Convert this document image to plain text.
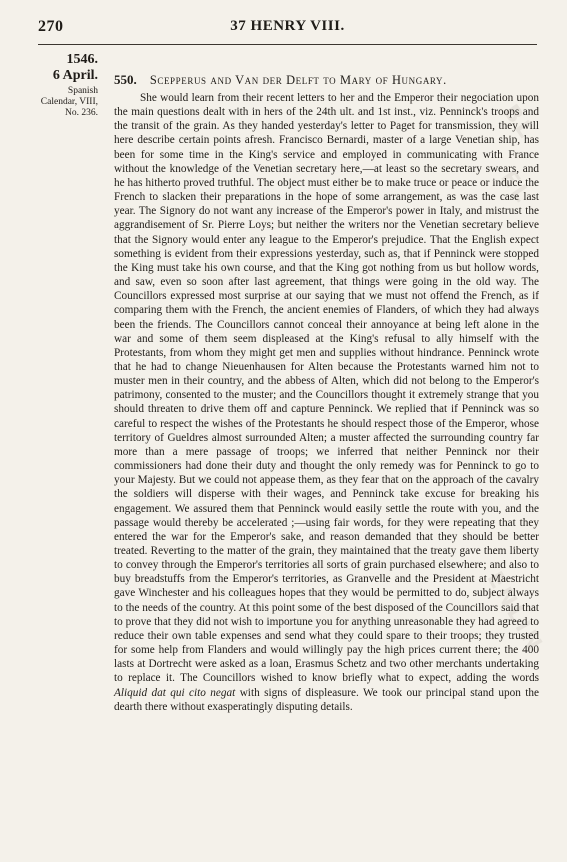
EL
BL
ENLIN
270	37 HENRY VIII.
1546.
6 April.
Spanish Calendar, VIII, No. 236.
550. Scepperus and Van der Delft to Mary of Hungary.

She would learn from their recent letters to her and the Emperor their negociation upon the main questions dealt with in hers of the 24th ult. and 1st inst., viz. Penninck's troops and the transit of the grain. As they handed yesterday's letter to Paget for transmission, they will here describe certain points afresh. Francisco Bernardi, master of a large Venetian ship, has been for some time in the King's service and employed in communicating with France without the knowledge of the Venetian secretary here,—at least so the secretary swears, and he has hitherto proved truthful. The object must either be to make truce or peace or induce the French to slacken their preparations in the hope of some arrangement, as was the case last year. The Signory do not want any increase of the Emperor's power in Italy, and mistrust the aggrandisement of Sr. Pierre Loys; but neither the writers nor the Venetian secretary believe that the Signory would enter any league to the Emperor's prejudice. That the English expect something is evident from their expressions yesterday, such as, that if Penninck were stopped the King must take his own course, and that the King got nothing from us but hollow words, and saw, even so soon after last agreement, that things were going in the old way. The Councillors expressed most surprise at our saying that we must not offend the French, as if comparing them with the French, the ancient enemies of Flanders, of which they had always been the friends. The Councillors cannot conceal their annoyance at being left alone in the war and some of them seem displeased at the King's refusal to ally himself with the Protestants, from whom they might get men and supplies without hindrance. Penninck wrote that he had to change Nieuenhausen for Alten because the Protestants warned him not to muster men in their country, and the abbess of Alten, which did not belong to the Emperor's patrimony, consented to the muster; and the Councillors thought it extremely strange that you should threaten to drive them off and capture Penninck. We replied that if Penninck was so careful to respect the wishes of the Protestants he should respect those of the Emperor, whose territory of Gueldres almost surrounded Alten; a muster affected the surrounding country far more than a mere passage of troops; we inferred that neither Penninck nor their commissioners had done their duty and thought the only remedy was for Penninck to go to your Majesty. But we could not appease them, as they fear that on the approach of the cavalry the soldiers will disperse with their wages, and Penninck take excuse for breaking his engagement. We assured them that Penninck would easily settle the route with you, and the passage would thereby be accelerated ;—using fair words, for they were repeating that they entered the war for the Emperor's sake, and reason demanded that they should be better treated. Reverting to the matter of the grain, they maintained that the treaty gave them liberty to convey through the Emperor's territories all sorts of grain purchased elsewhere; and also to buy breadstuffs from the Emperor's territories, as Granvelle and the President at Maestricht gave Winchester and his colleagues hopes that they would be permitted to do, subject always to the needs of the country. At this point some of the best disposed of the Councillors said that to prove that they did not wish to importune you for anything unreasonable they had agreed to reduce their own table expenses and send what they could spare to their troops; they trusted for some help from Flanders and would willingly pay the high prices current there; the 400 lasts at Dortrecht were asked as a loan, Erasmus Schetz and two other merchants undertaking to replace it. The Councillors wished to know briefly what to expect, adding the words Aliquid dat qui cito negat with signs of displeasure. We took our principal stand upon the dearth there without exasperatingly disputing details.
